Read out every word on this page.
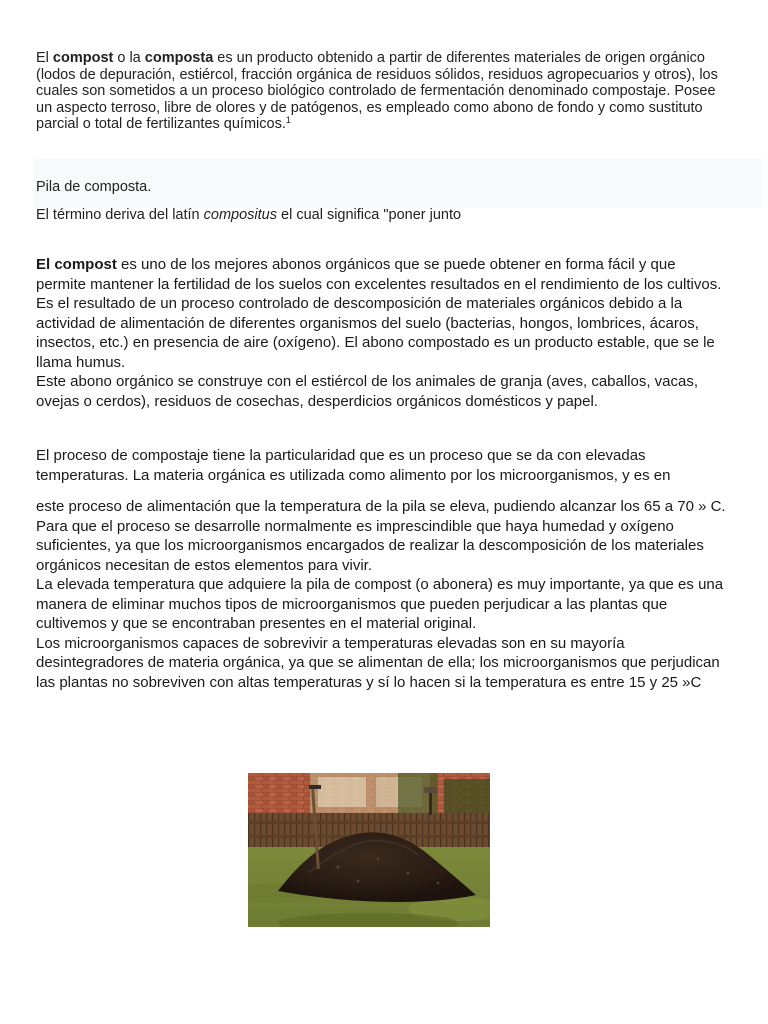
El compost o la composta es un producto obtenido a partir de diferentes materiales de origen orgánico (lodos de depuración, estiércol, fracción orgánica de residuos sólidos, residuos agropecuarios y otros), los cuales son sometidos a un proceso biológico controlado de fermentación denominado compostaje. Posee un aspecto terroso, libre de olores y de patógenos, es empleado como abono de fondo y como sustituto parcial o total de fertilizantes químicos.$^1$

Pila de composta.

El término deriva del latín compositus el cual significa "poner junto

El compost es uno de los mejores abonos orgánicos que se puede obtener en forma fácil y que permite mantener la fertilidad de los suelos con excelentes resultados en el rendimiento de los cultivos.
Es el resultado de un proceso controlado de descomposición de materiales orgánicos debido a la actividad de alimentación de diferentes organismos del suelo (bacterias, hongos, lombrices, ácaros, insectos, etc.) en presencia de aire (oxígeno). El abono compostado es un producto estable, que se le llama humus.
Este abono orgánico se construye con el estiércol de los animales de granja (aves, caballos, vacas, ovejas o cerdos), residuos de cosechas, desperdicios orgánicos domésticos y papel.
El proceso de compostaje tiene la particularidad que es un proceso que se da con elevadas temperaturas. La materia orgánica es utilizada como alimento por los microorganismos, y es en
este proceso de alimentación que la temperatura de la pila se eleva, pudiendo alcanzar los 65 a 70 » C. Para que el proceso se desarrolle normalmente es imprescindible que haya humedad y oxígeno suficientes, ya que los microorganismos encargados de realizar la descomposición de los materiales orgánicos necesitan de estos elementos para vivir.
La elevada temperatura que adquiere la pila de compost (o abonera) es muy importante, ya que es una manera de eliminar muchos tipos de microorganismos que pueden perjudicar a las plantas que cultivemos y que se encontraban presentes en el material original.
Los microorganismos capaces de sobrevivir a temperaturas elevadas son en su mayoría desintegradores de materia orgánica, ya que se alimentan de ella; los microorganismos que perjudican las plantas no sobreviven con altas temperaturas y sí lo hacen si la temperatura es entre 15 y 25 »C
